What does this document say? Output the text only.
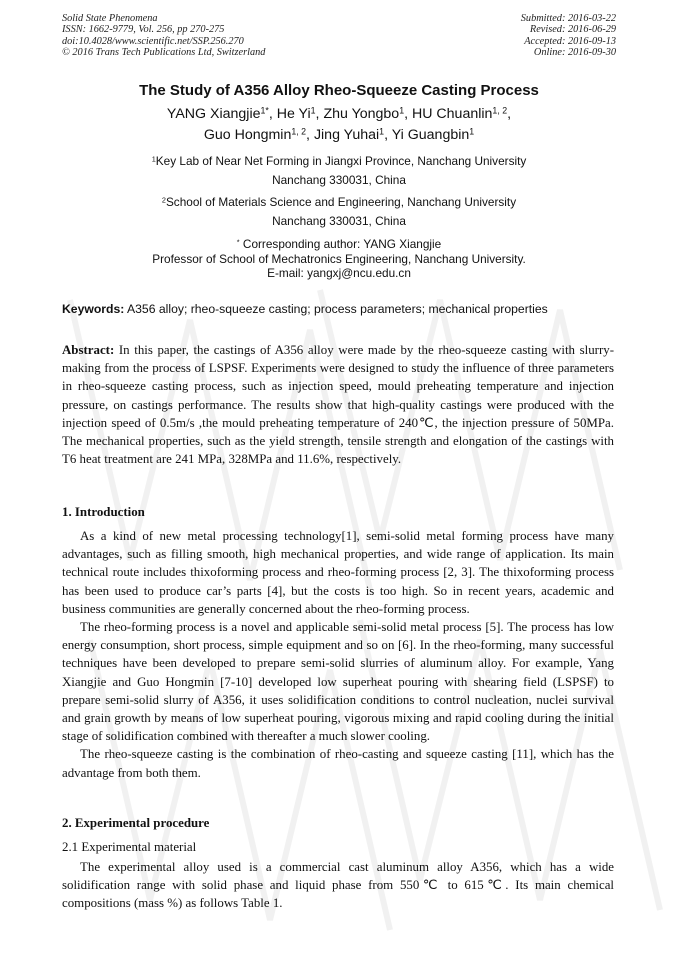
Solid State Phenomena
ISSN: 1662-9779, Vol. 256, pp 270-275
doi:10.4028/www.scientific.net/SSP.256.270
© 2016 Trans Tech Publications Ltd, Switzerland
Submitted: 2016-03-22
Revised: 2016-06-29
Accepted: 2016-09-13
Online: 2016-09-30
The Study of A356 Alloy Rheo-Squeeze Casting Process
YANG Xiangjie$^{1*}$, He Yi$^1$, Zhu Yongbo$^1$, HU Chuanlin$^{1, 2}$,
Guo Hongmin$^{1, 2}$, Jing Yuhai$^1$, Yi Guangbin$^1$
$^1$Key Lab of Near Net Forming in Jiangxi Province, Nanchang University
Nanchang 330031, China
$^2$School of Materials Science and Engineering, Nanchang University
Nanchang 330031, China
* Corresponding author: YANG Xiangjie
Professor of School of Mechatronics Engineering, Nanchang University.
E-mail: yangxj@ncu.edu.cn
Keywords: A356 alloy; rheo-squeeze casting; process parameters; mechanical properties
Abstract: In this paper, the castings of A356 alloy were made by the rheo-squeeze casting with slurry-making from the process of LSPSF. Experiments were designed to study the influence of three parameters in rheo-squeeze casting process, such as injection speed, mould preheating temperature and injection pressure, on castings performance. The results show that high-quality castings were produced with the injection speed of 0.5m/s ,the mould preheating temperature of 240℃, the injection pressure of 50MPa. The mechanical properties, such as the yield strength, tensile strength and elongation of the castings with T6 heat treatment are 241 MPa, 328MPa and 11.6%, respectively.
1. Introduction

As a kind of new metal processing technology[1], semi-solid metal forming process have many advantages, such as filling smooth, high mechanical properties, and wide range of application. Its main technical route includes thixoforming process and rheo-forming process [2, 3]. The thixoforming process has been used to produce car’s parts [4], but the costs is too high. So in recent years, academic and business communities are generally concerned about the rheo-forming process.

The rheo-forming process is a novel and applicable semi-solid metal process [5]. The process has low energy consumption, short process, simple equipment and so on [6]. In the rheo-forming, many successful techniques have been developed to prepare semi-solid slurries of aluminum alloy. For example, Yang Xiangjie and Guo Hongmin [7-10] developed low superheat pouring with shearing field (LSPSF) to prepare semi-solid slurry of A356, it uses solidification conditions to control nucleation, nuclei survival and grain growth by means of low superheat pouring, vigorous mixing and rapid cooling during the initial stage of solidification combined with thereafter a much slower cooling.

The rheo-squeeze casting is the combination of rheo-casting and squeeze casting [11], which has the advantage from both them.

2. Experimental procedure
2.1 Experimental material

The experimental alloy used is a commercial cast aluminum alloy A356, which has a wide solidification range with solid phase and liquid phase from 550℃ to 615℃. Its main chemical compositions (mass %) as follows Table 1.
